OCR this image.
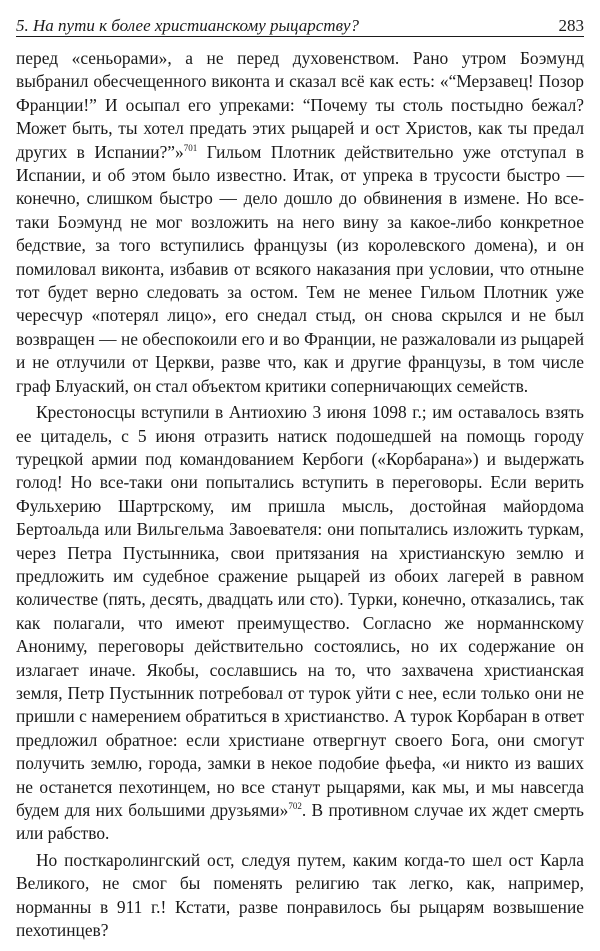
5. На пути к более христианскому рыцарству?	283

перед «сеньорами», а не перед духовенством. Рано утром Боэмунд выбранил обесчещенного виконта и сказал всё как есть: «“Мерзавец! Позор Франции!” И осыпал его упреками: “Почему ты столь постыдно бежал? Может быть, ты хотел предать этих рыцарей и ост Христов, как ты предал других в Испании?”»$^{701}$ Гильом Плотник действительно уже отступал в Испании, и об этом было известно. Итак, от упрека в трусости быстро — конечно, слишком быстро — дело дошло до обвинения в измене. Но все-таки Боэмунд не мог возложить на него вину за какое-либо конкретное бедствие, за того вступились французы (из королевского домена), и он помиловал виконта, избавив от всякого наказания при условии, что отныне тот будет верно следовать за остом. Тем не менее Гильом Плотник уже чересчур «потерял лицо», его снедал стыд, он снова скрылся и не был возвращен — не обеспокоили его и во Франции, не разжаловали из рыцарей и не отлучили от Церкви, разве что, как и другие французы, в том числе граф Блуаский, он стал объектом критики соперничающих семейств.

Крестоносцы вступили в Антиохию 3 июня 1098 г.; им оставалось взять ее цитадель, с 5 июня отразить натиск подошедшей на помощь городу турецкой армии под командованием Кербоги («Корбарана») и выдержать голод! Но все-таки они попытались вступить в переговоры. Если верить Фульхерию Шартрскому, им пришла мысль, достойная майордома Бертоальда или Вильгельма Завоевателя: они попытались изложить туркам, через Петра Пустынника, свои притязания на христианскую землю и предложить им судебное сражение рыцарей из обоих лагерей в равном количестве (пять, десять, двадцать или сто). Турки, конечно, отказались, так как полагали, что имеют преимущество. Согласно же норманнскому Анониму, переговоры действительно состоялись, но их содержание он излагает иначе. Якобы, сославшись на то, что захвачена христианская земля, Петр Пустынник потребовал от турок уйти с нее, если только они не пришли с намерением обратиться в христианство. А турок Корбаран в ответ предложил обратное: если христиане отвергнут своего Бога, они смогут получить землю, города, замки в некое подобие фьефа, «и никто из ваших не останется пехотинцем, но все станут рыцарями, как мы, и мы навсегда будем для них большими друзьями»$^{702}$. В противном случае их ждет смерть или рабство.

Но посткаролингский ост, следуя путем, каким когда-то шел ост Карла Великого, не смог бы поменять религию так легко, как, например, норманны в 911 г.! Кстати, разве понравилось бы рыцарям возвышение пехотинцев?
